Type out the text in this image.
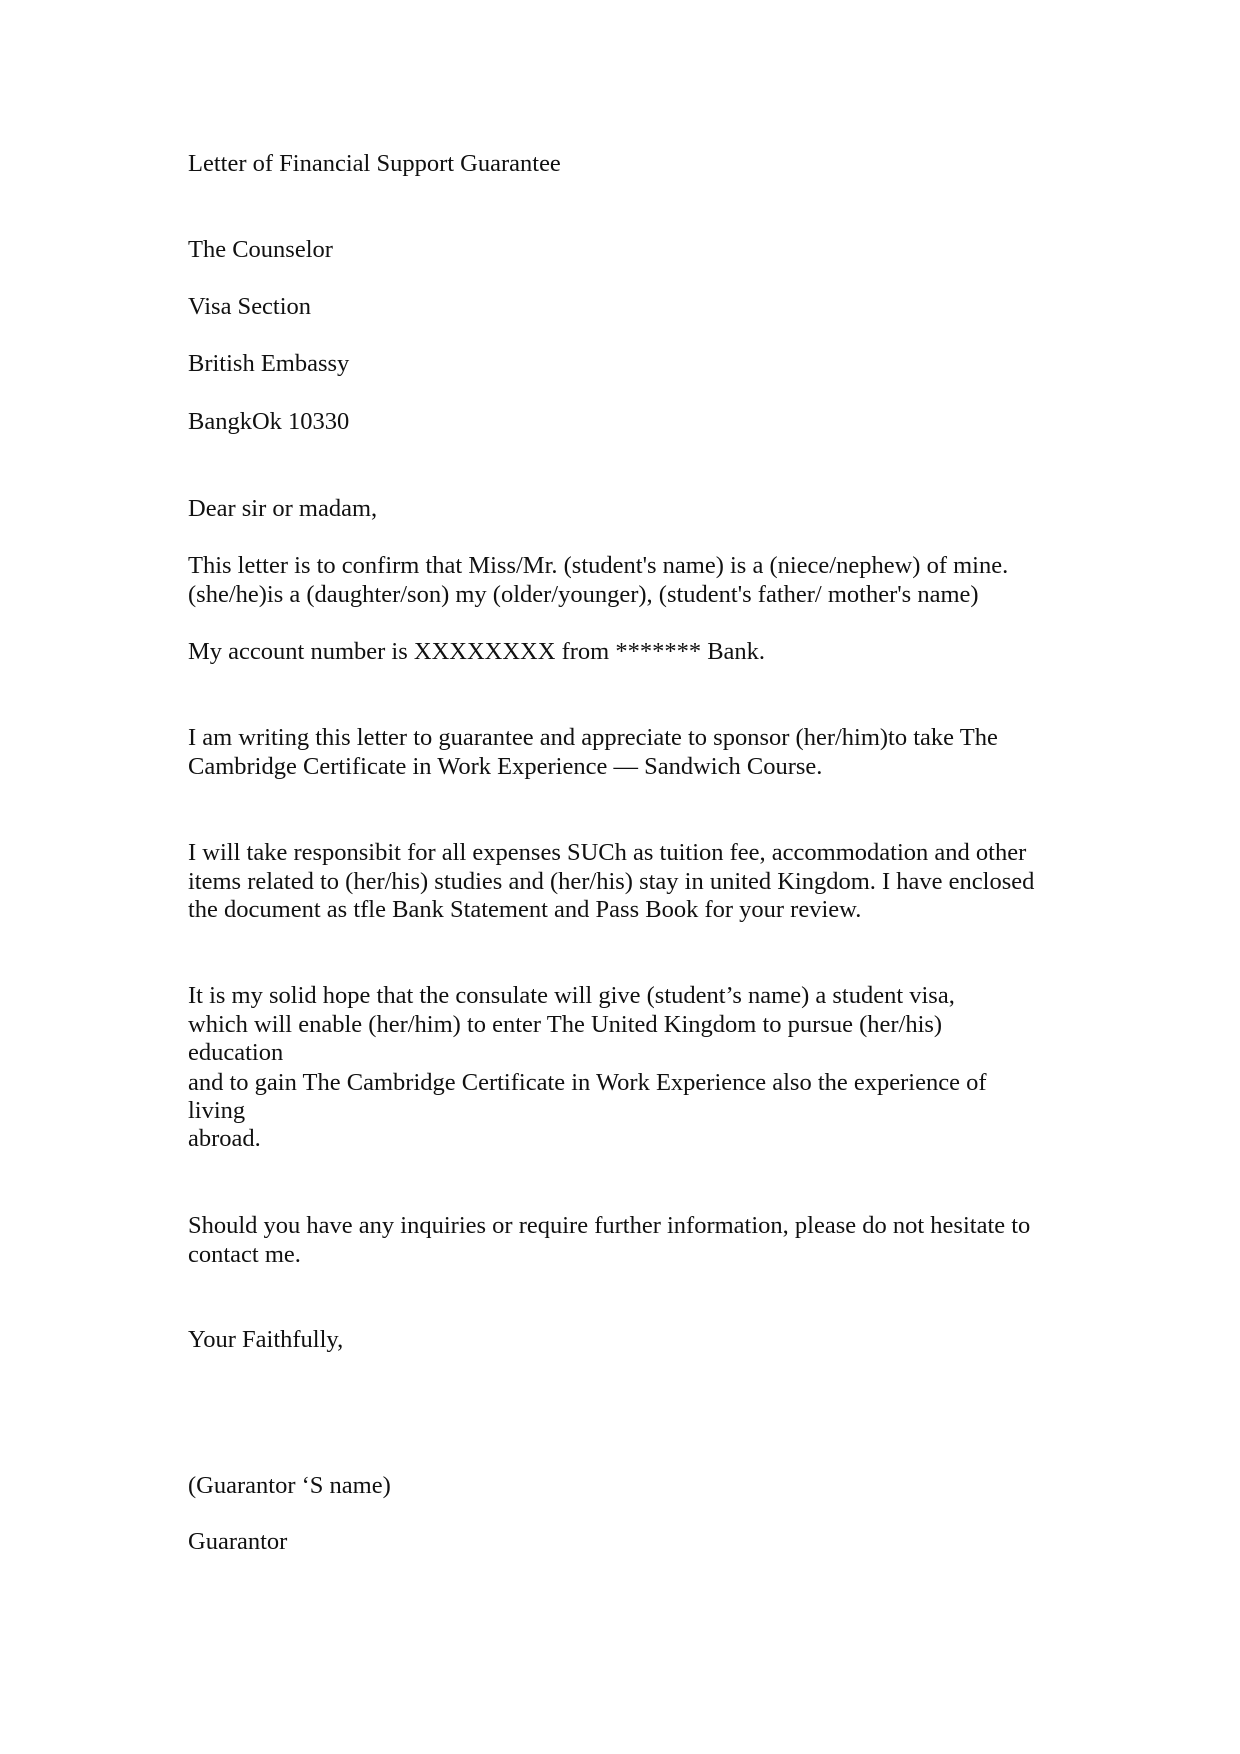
Letter of Financial Support Guarantee
The Counselor
Visa Section
British Embassy
BangkOk 10330
Dear sir or madam,
This letter is to confirm that Miss/Mr. (student's name) is a (niece/nephew) of mine.
(she/he)is a (daughter/son) my (older/younger), (student's father/ mother's name)
My account number is XXXXXXXX from ******* Bank.
I am writing this letter to guarantee and appreciate to sponsor (her/him)to take The
Cambridge Certificate in Work Experience — Sandwich Course.
I will take responsibit for all expenses SUCh as tuition fee, accommodation and other
items related to (her/his) studies and (her/his) stay in united Kingdom. I have enclosed
the document as tfle Bank Statement and Pass Book for your review.
It is my solid hope that the consulate will give (student’s name) a student visa,
which will enable (her/him) to enter The United Kingdom to pursue (her/his)
education
and to gain The Cambridge Certificate in Work Experience also the experience of
living
abroad.
Should you have any inquiries or require further information, please do not hesitate to
contact me.
Your Faithfully,
(Guarantor ‘S name)
Guarantor
